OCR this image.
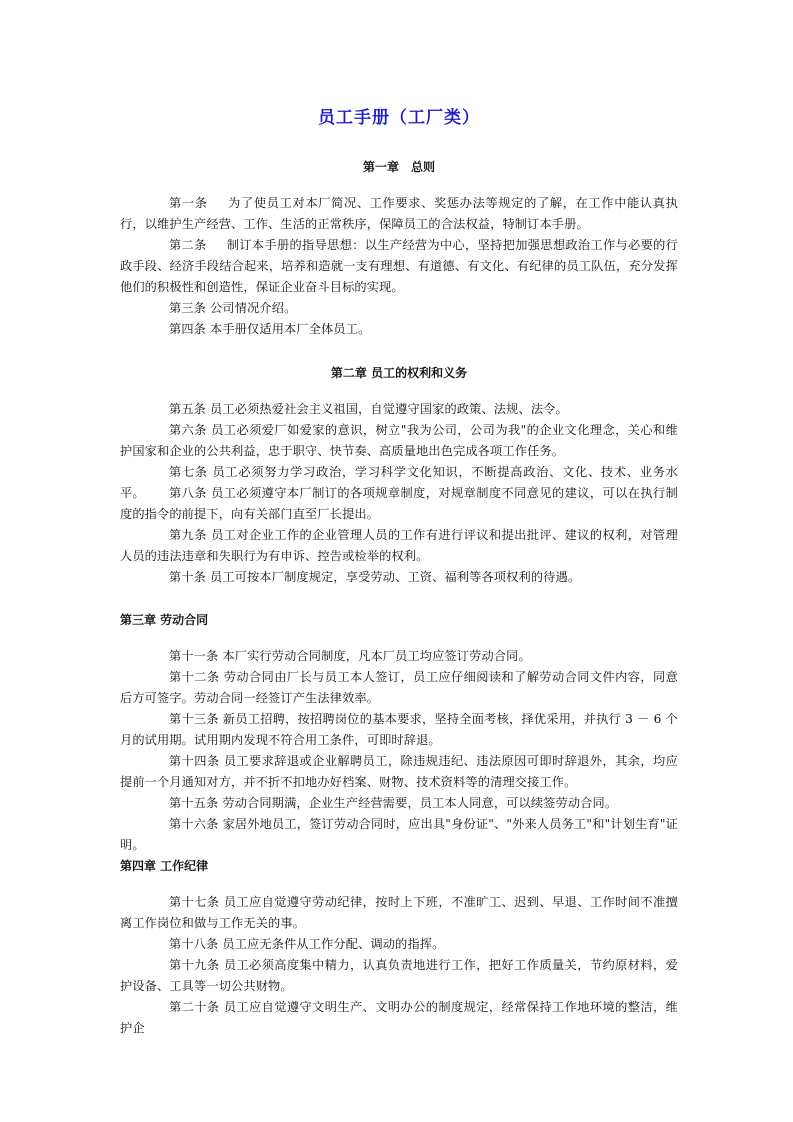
员工手册（工厂类）
第一章　总则
第一条 为了使员工对本厂简况、工作要求、奖惩办法等规定的了解，在工作中能认真执行，以维护生产经营、工作、生活的正常秩序，保障员工的合法权益，特制订本手册。
第二条 制订本手册的指导思想：以生产经营为中心，坚持把加强思想政治工作与必要的行政手段、经济手段结合起来，培养和造就一支有理想、有道德、有文化、有纪律的员工队伍，充分发挥他们的积极性和创造性，保证企业奋斗目标的实现。
第三条 公司情况介绍。
第四条 本手册仅适用本厂全体员工。
第二章 员工的权利和义务
第五条 员工必须热爱社会主义祖国，自觉遵守国家的政策、法规、法令。
第六条 员工必须爱厂如爱家的意识，树立"我为公司，公司为我"的企业文化理念，关心和维护国家和企业的公共利益，忠于职守、快节奏、高质量地出色完成各项工作任务。
第七条 员工必须努力学习政治，学习科学文化知识，不断提高政治、文化、技术、业务水平。	第八条 员工必须遵守本厂制订的各项规章制度，对规章制度不同意见的建议，可以在执行制度的指令的前提下，向有关部门直至厂长提出。
第九条 员工对企业工作的企业管理人员的工作有进行评议和提出批评、建议的权利，对管理人员的违法违章和失职行为有申诉、控告或检举的权利。
第十条 员工可按本厂制度规定，享受劳动、工资、福利等各项权利的待遇。
第三章 劳动合同
第十一条 本厂实行劳动合同制度，凡本厂员工均应签订劳动合同。
第十二条 劳动合同由厂长与员工本人签订，员工应仔细阅读和了解劳动合同文件内容，同意后方可签字。劳动合同一经签订产生法律效率。
第十三条 新员工招聘，按招聘岗位的基本要求，坚持全面考核，择优采用，并执行 3 － 6 个月的试用期。试用期内发现不符合用工条件，可即时辞退。
第十四条 员工要求辞退或企业解聘员工，除违规违纪、违法原因可即时辞退外，其余，均应提前一个月通知对方，并不折不扣地办好档案、财物、技术资料等的清理交接工作。
第十五条 劳动合同期满，企业生产经营需要，员工本人同意，可以续签劳动合同。
第十六条 家居外地员工，签订劳动合同时，应出具"身份证"、"外来人员务工"和"计划生育"证明。
第四章 工作纪律
第十七条 员工应自觉遵守劳动纪律，按时上下班，不准旷工、迟到、早退、工作时间不准擅离工作岗位和做与工作无关的事。
第十八条 员工应无条件从工作分配、调动的指挥。
第十九条 员工必须高度集中精力，认真负责地进行工作，把好工作质量关，节约原材料，爱护设备、工具等一切公共财物。
第二十条 员工应自觉遵守文明生产、文明办公的制度规定，经常保持工作地环境的整洁，维护企
